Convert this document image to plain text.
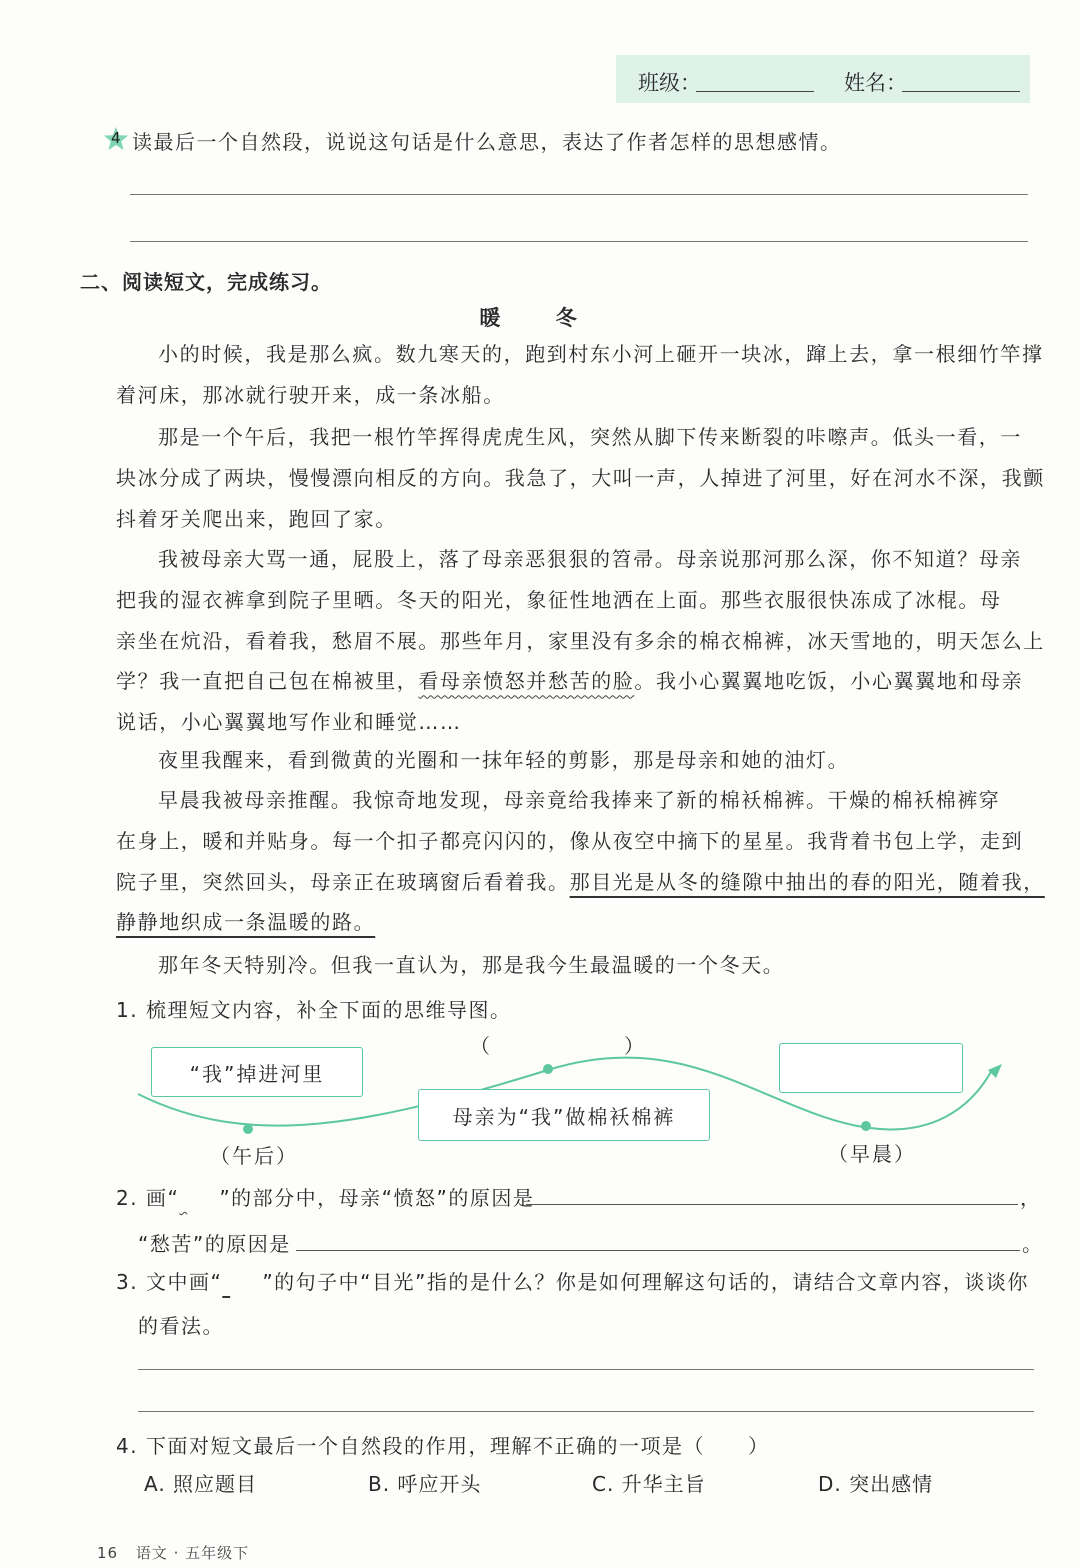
班级：	姓名：
4 读最后一个自然段，说说这句话是什么意思，表达了作者怎样的思想感情。
二、阅读短文，完成练习。
暖 冬
小的时候，我是那么疯。数九寒天的，跑到村东小河上砸开一块冰，蹿上去，拿一根细竹竿撑
着河床，那冰就行驶开来，成一条冰船。
那是一个午后，我把一根竹竿挥得虎虎生风，突然从脚下传来断裂的咔嚓声。低头一看，一
块冰分成了两块，慢慢漂向相反的方向。我急了，大叫一声，人掉进了河里，好在河水不深，我颤
抖着牙关爬出来，跑回了家。
我被母亲大骂一通，屁股上，落了母亲恶狠狠的笤帚。母亲说那河那么深，你不知道？母亲
把我的湿衣裤拿到院子里晒。冬天的阳光，象征性地洒在上面。那些衣服很快冻成了冰棍。母
亲坐在炕沿，看着我，愁眉不展。那些年月，家里没有多余的棉衣棉裤，冰天雪地的，明天怎么上
学？我一直把自己包在棉被里，看母亲愤怒并愁苦的脸。我小心翼翼地吃饭，小心翼翼地和母亲
说话，小心翼翼地写作业和睡觉……
夜里我醒来，看到微黄的光圈和一抹年轻的剪影，那是母亲和她的油灯。
早晨我被母亲推醒。我惊奇地发现，母亲竟给我捧来了新的棉袄棉裤。干燥的棉袄棉裤穿
在身上，暖和并贴身。每一个扣子都亮闪闪的，像从夜空中摘下的星星。我背着书包上学，走到
院子里，突然回头，母亲正在玻璃窗后看着我。那目光是从冬的缝隙中抽出的春的阳光，随着我，
静静地织成一条温暖的路。
那年冬天特别冷。但我一直认为，那是我今生最温暖的一个冬天。
1. 梳理短文内容，补全下面的思维导图。
“我”掉进河里
母亲为“我”做棉袄棉裤
（　　　　　　）
（午后）	（早晨）
2. 画“ ”的部分中，母亲“愤怒”的原因是	，
“愁苦”的原因是	。
3. 文中画“ ”的句子中“目光”指的是什么？你是如何理解这句话的，请结合文章内容，谈谈你
的看法。
4. 下面对短文最后一个自然段的作用，理解不正确的一项是（　　）
A. 照应题目	B. 呼应开头	C. 升华主旨	D. 突出感情
16 语文 · 五年级下
